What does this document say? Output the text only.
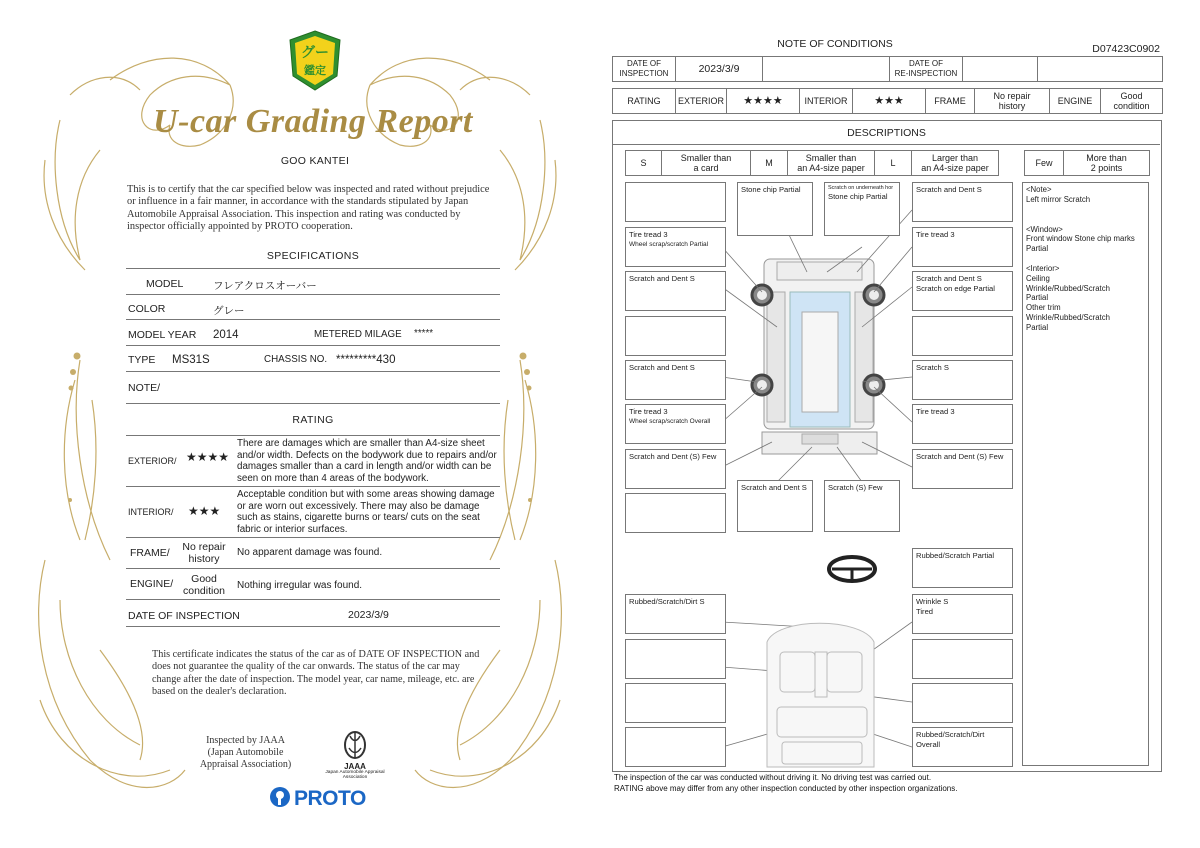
グー
鑑定
U-car Grading Report
GOO KANTEI
This is to certify that the car specified below was inspected and rated without prejudice or influence in a fair manner, in accordance with the standards stipulated by Japan Automobile Appraisal Association. This inspection and rating was conducted by inspector officially appointed by PROTO cooperation.
SPECIFICATIONS
MODEL	フレアクロスオーバー
COLOR	グレー
MODEL YEAR 2014	METERED MILAGE *****
TYPE MS31S	CHASSIS NO. *********430
NOTE/
RATING
EXTERIOR/ ★★★★
There are damages which are smaller than A4-size sheet and/or width. Defects on the bodywork due to repairs and/or damages smaller than a card in length and/or width can be seen on more than 4 areas of the bodywork.
INTERIOR/ ★★★
Acceptable condition but with some areas showing damage or are worn out excessively. There may also be damage such as stains, cigarette burns or tears/ cuts on the seat fabric or interior surfaces.
FRAME/	No repair
history
No apparent damage was found.
ENGINE/	Good
condition	Nothing irregular was found.
DATE OF INSPECTION	2023/3/9
This certificate indicates the status of the car as of DATE OF INSPECTION and does not guarantee the quality of the car onwards. The status of the car may change after the date of inspection. The model year, car name, mileage, etc. are based on the dealer's declaration.
Inspected by JAAA
(Japan Automobile
Appraisal Association)	JAAA
Japan Automobile Appraisal Association
PROTO
NOTE OF CONDITIONS	D07423C0902
DATE OF
INSPECTION	2023/3/9	DATE OF
RE-INSPECTION
RATING	EXTERIOR	★★★★	INTERIOR	★★★	FRAME	No repair
history	ENGINE	Good
condition
DESCRIPTIONS
S	Smaller than
a card	M	Smaller than
an A4-size paper	L	Larger than
an A4-size paper	Few	More than
2 points
Tire tread 3
Wheel scrap/scratch Partial
Scratch and Dent S
Scratch and Dent S
Tire tread 3
Wheel scrap/scratch Overall
Scratch and Dent (S) Few
Stone chip Partial	Scratch on underneath hor
Stone chip Partial
Scratch and Dent S
Tire tread 3
Scratch and Dent S
Scratch on edge Partial
Scratch S
Tire tread 3
Scratch and Dent (S) Few
Scratch and Dent S	Scratch (S) Few
Rubbed/Scratch Partial
Rubbed/Scratch/Dirt S	Wrinkle S
Tired
Rubbed/Scratch/Dirt Overall
<Note>
Left mirror Scratch
<Window>
Front window Stone chip marks
Partial
<Interior>
Ceiling
Wrinkle/Rubbed/Scratch
Partial
Other trim
Wrinkle/Rubbed/Scratch
Partial
The inspection of the car was conducted without driving it. No driving test was carried out.
RATING above may differ from any other inspection conducted by other inspection organizations.
